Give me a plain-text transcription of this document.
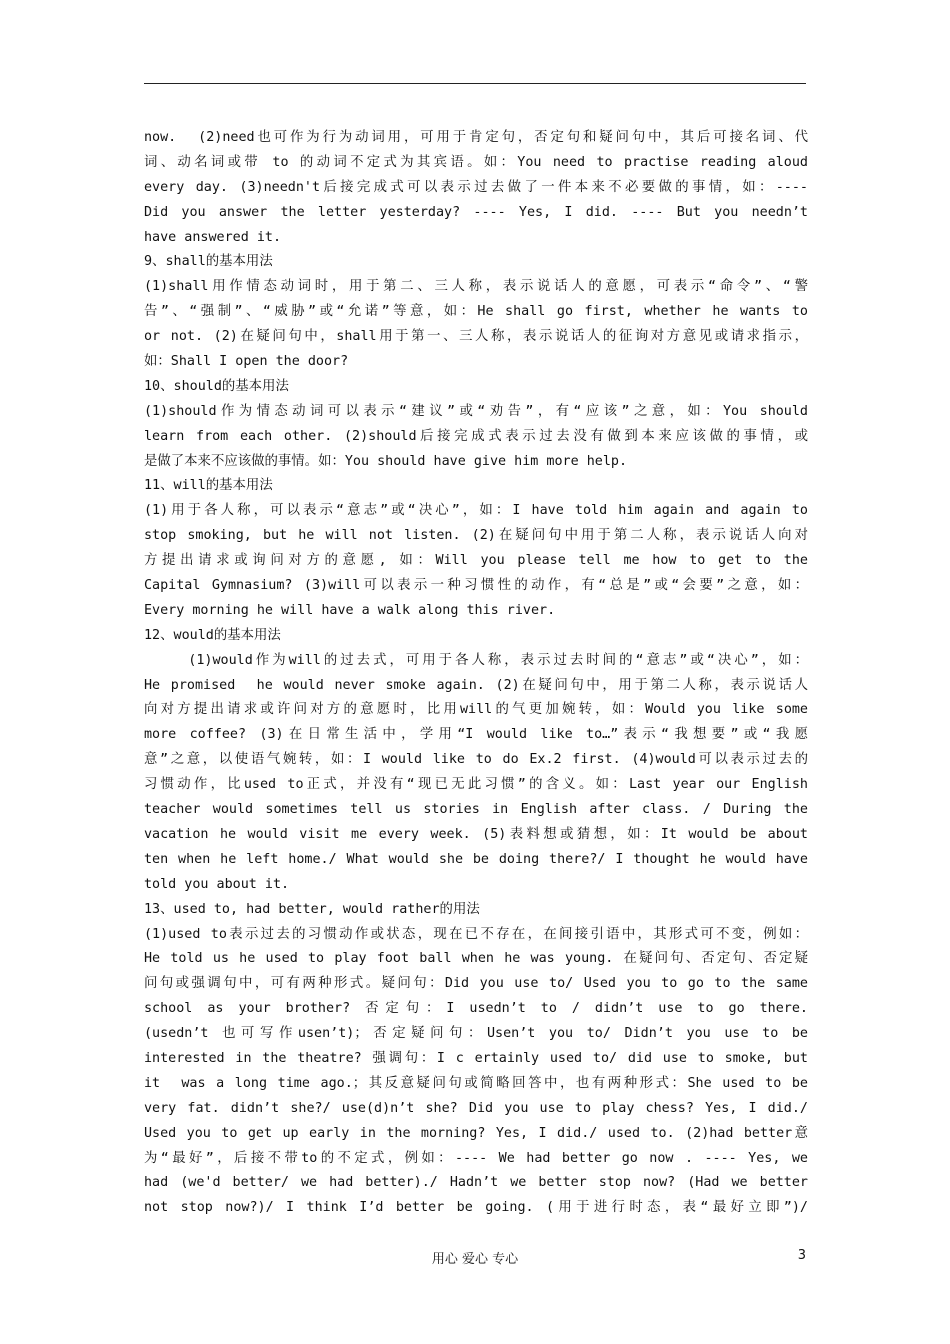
now.  (2)need也可作为行为动词用，可用于肯定句，否定句和疑问句中，其后可接名词、代
词、动名词或带 to 的动词不定式为其宾语。如：You need to practise reading aloud
every day. (3)needn't后接完成式可以表示过去做了一件本来不必要做的事情，如：----
Did you answer the letter yesterday? ---- Yes, I did. ---- But you needn’t
have answered it.
9、shall的基本用法
(1)shall用作情态动词时，用于第二、三人称，表示说话人的意愿，可表示“命令”、“警
告”、“强制”、“威胁”或“允诺”等意，如：He shall go first, whether he wants to
or not. (2)在疑问句中，shall用于第一、三人称，表示说话人的征询对方意见或请求指示，
如：Shall I open the door?
10、should的基本用法
(1)should作为情态动词可以表示“建议”或“劝告”，有“应该”之意，如：You should
learn from each other. (2)should后接完成式表示过去没有做到本来应该做的事情，或
是做了本来不应该做的事情。如：You should have give him more help.
11、will的基本用法
(1)用于各人称，可以表示“意志”或“决心”，如：I have told him again and again to
stop smoking, but he will not listen. (2)在疑问句中用于第二人称，表示说话人向对
方提出请求或询问对方的意愿, 如：Will you please tell me how to get to the
Capital Gymnasium? (3)will可以表示一种习惯性的动作，有“总是”或“会要”之意，如：
Every morning he will have a walk along this river.
12、would的基本用法
(1)would作为will的过去式，可用于各人称，表示过去时间的“意志”或“决心”，如：
He promised  he would never smoke again. (2)在疑问句中，用于第二人称，表示说话人
向对方提出请求或许问对方的意愿时，比用will的气更加婉转，如：Would you like some
more coffee? (3)在日常生活中，学用“I would like to…”表示“我想要”或“我愿
意”之意，以使语气婉转，如：I would like to do Ex.2 first. (4)would可以表示过去的
习惯动作，比used to正式，并没有“现已无此习惯”的含义。如：Last year our English
teacher would sometimes tell us stories in English after class. / During the
vacation he would visit me every week. (5)表料想或猜想，如：It would be about
ten when he left home./ What would she be doing there?/ I thought he would have
told you about it.
13、used to, had better, would rather的用法
(1)used to表示过去的习惯动作或状态，现在已不存在，在间接引语中，其形式可不变，例如：
He told us he used to play foot ball when he was young. 在疑问句、否定句、否定疑
问句或强调句中，可有两种形式。疑问句：Did you use to/ Used you to go to the same
school as your brother? 否定句：I usedn’t to / didn’t use to go there.
(usedn’t 也可写作usen’t)；否定疑问句：Usen’t you to/ Didn’t you use to be
interested in the theatre? 强调句：I c ertainly used to/ did use to smoke, but
it  was a long time ago.；其反意疑问句或简略回答中，也有两种形式：She used to be
very fat. didn’t she?/ use(d)n’t she? Did you use to play chess? Yes, I did./
Used you to get up early in the morning? Yes, I did./ used to. (2)had better意
为“最好”，后接不带to的不定式，例如：---- We had better go now . ---- Yes, we
had (we'd better/ we had better)./ Hadn’t we better stop now? (Had we better
not stop now?)/ I think I’d better be going. (用于进行时态，表“最好立即”)/
用心 爱心 专心	3
